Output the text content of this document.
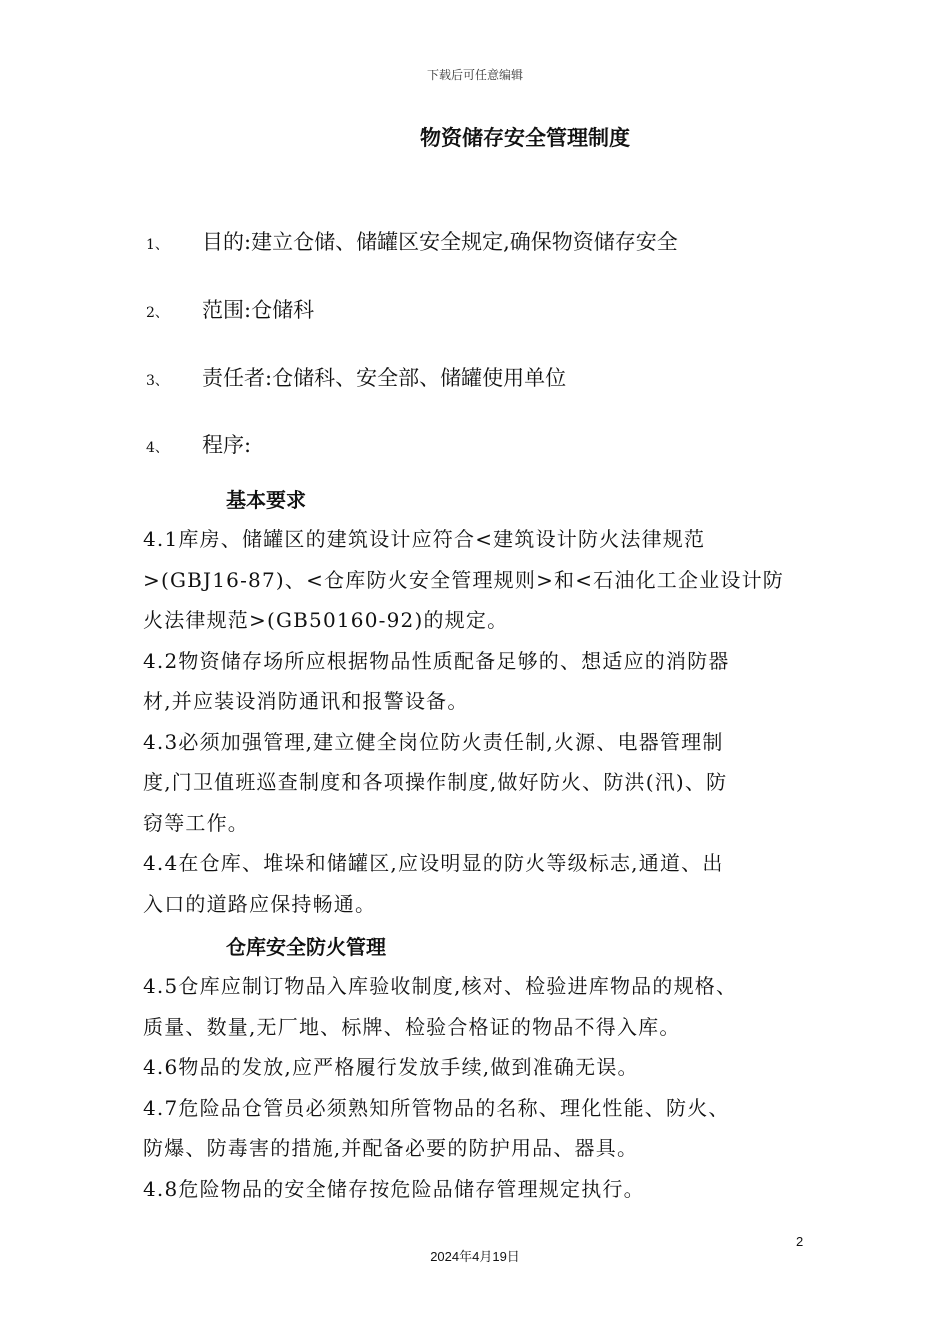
下载后可任意编辑
物资储存安全管理制度
1、 目的:建立仓储、储罐区安全规定,确保物资储存安全
2、 范围:仓储科
3、 责任者:仓储科、安全部、储罐使用单位
4、 程序:
基本要求

4.1库房、储罐区的建筑设计应符合<建筑设计防火法律规范

>(GBJ16-87)、<仓库防火安全管理规则>和<石油化工企业设计防

火法律规范>(GB50160-92)的规定。

4.2物资储存场所应根据物品性质配备足够的、想适应的消防器

材,并应装设消防通讯和报警设备。

4.3必须加强管理,建立健全岗位防火责任制,火源、电器管理制

度,门卫值班巡查制度和各项操作制度,做好防火、防洪(汛)、防

窃等工作。

4.4在仓库、堆垛和储罐区,应设明显的防火等级标志,通道、出

入口的道路应保持畅通。

仓库安全防火管理

4.5仓库应制订物品入库验收制度,核对、检验进库物品的规格、

质量、数量,无厂地、标牌、检验合格证的物品不得入库。

4.6物品的发放,应严格履行发放手续,做到准确无误。

4.7危险品仓管员必须熟知所管物品的名称、理化性能、防火、

防爆、防毒害的措施,并配备必要的防护用品、器具。

4.8危险物品的安全储存按危险品储存管理规定执行。

2
2024年4月19日
